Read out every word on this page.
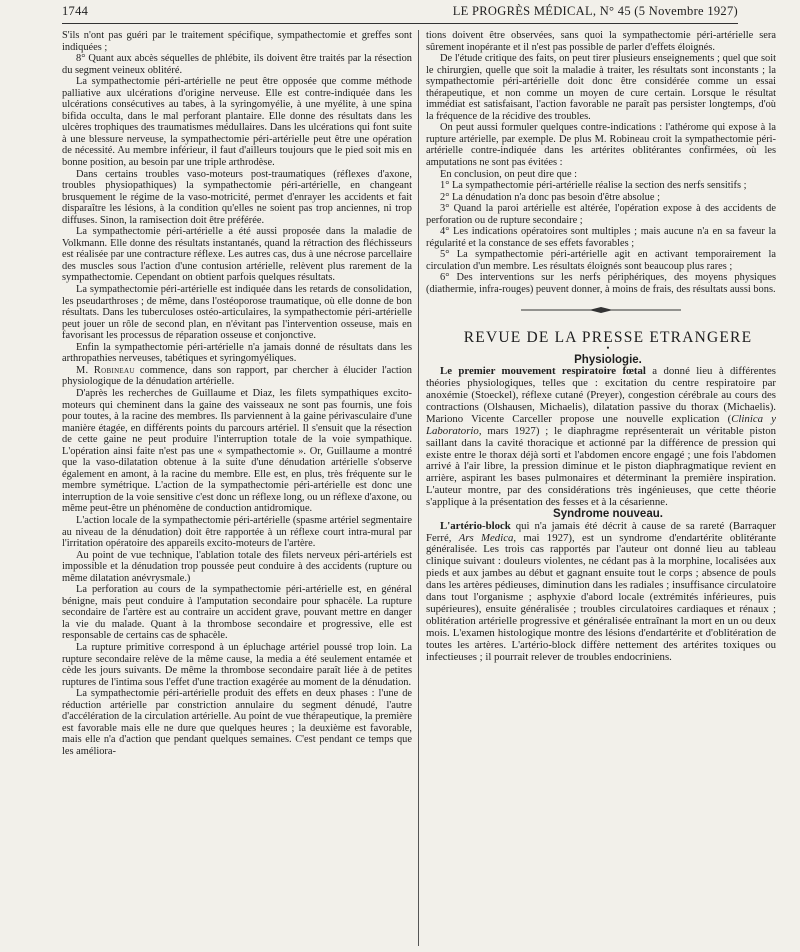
1744	LE PROGRÈS MÉDICAL, N° 45 (5 Novembre 1927)

S'ils n'ont pas guéri par le traitement spécifique, sympathectomie et greffes sont indiquées ;

8° Quant aux abcès séquelles de phlébite, ils doivent être traités par la résection du segment veineux oblitéré.

La sympathectomie péri-artérielle ne peut être opposée que comme méthode palliative aux ulcérations d'origine nerveuse. Elle est contre-indiquée dans les ulcérations consécutives au tabes, à la syringomyélie, à une myélite, à une spina bifida occulta, dans le mal perforant plantaire. Elle donne des résultats dans les ulcères trophiques des traumatismes médullaires. Dans les ulcérations qui font suite à une blessure nerveuse, la sympathectomie péri-artérielle peut être une opération de nécessité. Au membre inférieur, il faut d'ailleurs toujours que le pied soit mis en bonne position, au besoin par une triple arthrodèse.

Dans certains troubles vaso-moteurs post-traumatiques (réflexes d'axone, troubles physiopathiques) la sympathectomie péri-artérielle, en changeant brusquement le régime de la vaso-motricité, permet d'enrayer les accidents et fait disparaître les lésions, à la condition qu'elles ne soient pas trop anciennes, ni trop diffuses. Sinon, la ramisection doit être préférée.

La sympathectomie péri-artérielle a été aussi proposée dans la maladie de Volkmann. Elle donne des résultats instantanés, quand la rétraction des fléchisseurs est réalisée par une contracture réflexe. Les autres cas, dus à une nécrose parcellaire des muscles sous l'action d'une contusion artérielle, relèvent plus rarement de la sympathectomie. Cependant on obtient parfois quelques résultats.

La sympathectomie péri-artérielle est indiquée dans les retards de consolidation, les pseudarthroses ; de même, dans l'ostéoporose traumatique, où elle donne de bon résultats. Dans les tuberculoses ostéo-articulaires, la sympathectomie péri-artérielle peut jouer un rôle de second plan, en n'évitant pas l'intervention osseuse, mais en favorisant les processus de réparation osseuse et conjonctive.

Enfin la sympathectomie péri-artérielle n'a jamais donné de résultats dans les arthropathies nerveuses, tabétiques et syringomyéliques.

M. Robineau commence, dans son rapport, par chercher à élucider l'action physiologique de la dénudation artérielle.

D'après les recherches de Guillaume et Diaz, les filets sympathiques excito-moteurs qui cheminent dans la gaine des vaisseaux ne sont pas fournis, une fois pour toutes, à la racine des membres. Ils parviennent à la gaine périvasculaire d'une manière étagée, en différents points du parcours artériel. Il s'ensuit que la résection de cette gaine ne peut produire l'interruption totale de la voie sympathique. L'opération ainsi faite n'est pas une « sympathectomie ». Or, Guillaume a montré que la vaso-dilatation obtenue à la suite d'une dénudation artérielle s'observe également en amont, à la racine du membre. Elle est, en plus, très fréquente sur le membre symétrique. L'action de la sympathectomie péri-artérielle est donc une interruption de la voie sensitive c'est donc un réflexe long, ou un réflexe d'axone, ou même peut-être un phénomène de conduction antidromique.

L'action locale de la sympathectomie péri-artérielle (spasme artériel segmentaire au niveau de la dénudation) doit être rapportée à un réflexe court intra-mural par l'irritation opératoire des appareils excito-moteurs de l'artère.

Au point de vue technique, l'ablation totale des filets nerveux péri-artériels est impossible et la dénudation trop poussée peut conduire à des accidents (rupture ou même dilatation anévrysmale.)

La perforation au cours de la sympathectomie péri-artérielle est, en général bénigne, mais peut conduire à l'amputation secondaire pour sphacèle. La rupture secondaire de l'artère est au contraire un accident grave, pouvant mettre en danger la vie du malade. Quant à la thrombose secondaire et progressive, elle est responsable de certains cas de sphacèle.

La rupture primitive correspond à un épluchage artériel poussé trop loin. La rupture secondaire relève de la même cause, la media a été seulement entamée et cède les jours suivants. De même la thrombose secondaire paraît liée à de petites ruptures de l'intima sous l'effet d'une traction exagérée au moment de la dénudation.

La sympathectomie péri-artérielle produit des effets en deux phases : l'une de réduction artérielle par constriction annulaire du segment dénudé, l'autre d'accélération de la circulation artérielle. Au point de vue thérapeutique, la première est favorable mais elle ne dure que quelques heures ; la deuxième est favorable, mais elle n'a d'action que pendant quelques semaines. C'est pendant ce temps que les améliora-

tions doivent être observées, sans quoi la sympathectomie péri-artérielle sera sûrement inopérante et il n'est pas possible de parler d'effets éloignés.

De l'étude critique des faits, on peut tirer plusieurs enseignements ; quel que soit le chirurgien, quelle que soit la maladie à traiter, les résultats sont inconstants ; la sympathectomie péri-artérielle doit donc être considérée comme un essai thérapeutique, et non comme un moyen de cure certain. Lorsque le résultat immédiat est satisfaisant, l'action favorable ne paraît pas persister longtemps, d'où la fréquence de la récidive des troubles.

On peut aussi formuler quelques contre-indications : l'athérome qui expose à la rupture artérielle, par exemple. De plus M. Robineau croit la sympathectomie péri-artérielle contre-indiquée dans les artérites oblitérantes confirmées, où les amputations ne sont pas évitées :

En conclusion, on peut dire que :

1° La sympathectomie péri-artérielle réalise la section des nerfs sensitifs ;

2° La dénudation n'a donc pas besoin d'être absolue ;

3° Quand la paroi artérielle est altérée, l'opération expose à des accidents de perforation ou de rupture secondaire ;

4° Les indications opératoires sont multiples ; mais aucune n'a en sa faveur la régularité et la constance de ses effets favorables ;

5° La sympathectomie péri-artérielle agit en activant temporairement la circulation d'un membre. Les résultats éloignés sont beaucoup plus rares ;

6° Des interventions sur les nerfs périphériques, des moyens physiques (diathermie, infra-rouges) peuvent donner, à moins de frais, des résultats aussi bons.

REVUE DE LA PRESSE ETRANGERE

•

Physiologie.

Le premier mouvement respiratoire fœtal a donné lieu à différentes théories physiologiques, telles que : excitation du centre respiratoire par anoxémie (Stoeckel), réflexe cutané (Preyer), congestion cérébrale au cours des contractions (Olshausen, Michaelis), dilatation passive du thorax (Michaelis). Mariono Vicente Carceller propose une nouvelle explication (Clinica y Laboratorio, mars 1927) ; le diaphragme représenterait un véritable piston saillant dans la cavité thoracique et actionné par la différence de pression qui existe entre le thorax déjà sorti et l'abdomen encore engagé ; une fois l'abdomen arrivé à l'air libre, la pression diminue et le piston diaphragmatique revient en arrière, aspirant les bases pulmonaires et déterminant la première inspiration. L'auteur montre, par des considérations très ingénieuses, que cette théorie s'applique à la présentation des fesses et à la césarienne.

Syndrome nouveau.

L'artério-block qui n'a jamais été décrit à cause de sa rareté (Barraquer Ferré, Ars Medica, mai 1927), est un syndrome d'endartérite oblitérante généralisée. Les trois cas rapportés par l'auteur ont donné lieu au tableau clinique suivant : douleurs violentes, ne cédant pas à la morphine, localisées aux pieds et aux jambes au début et gagnant ensuite tout le corps ; absence de pouls dans les artères pédieuses, diminution dans les radiales ; insuffisance circulatoire dans tout l'organisme ; asphyxie d'abord locale (extrémités inférieures, puis supérieures), ensuite généralisée ; troubles circulatoires cardiaques et rénaux ; oblitération artérielle progressive et généralisée entraînant la mort en un ou deux mois. L'examen histologique montre des lésions d'endartérite et d'oblitération de toutes les artères. L'artério-block diffère nettement des artérites toxiques ou infectieuses ; il pourrait relever de troubles endocriniens.
